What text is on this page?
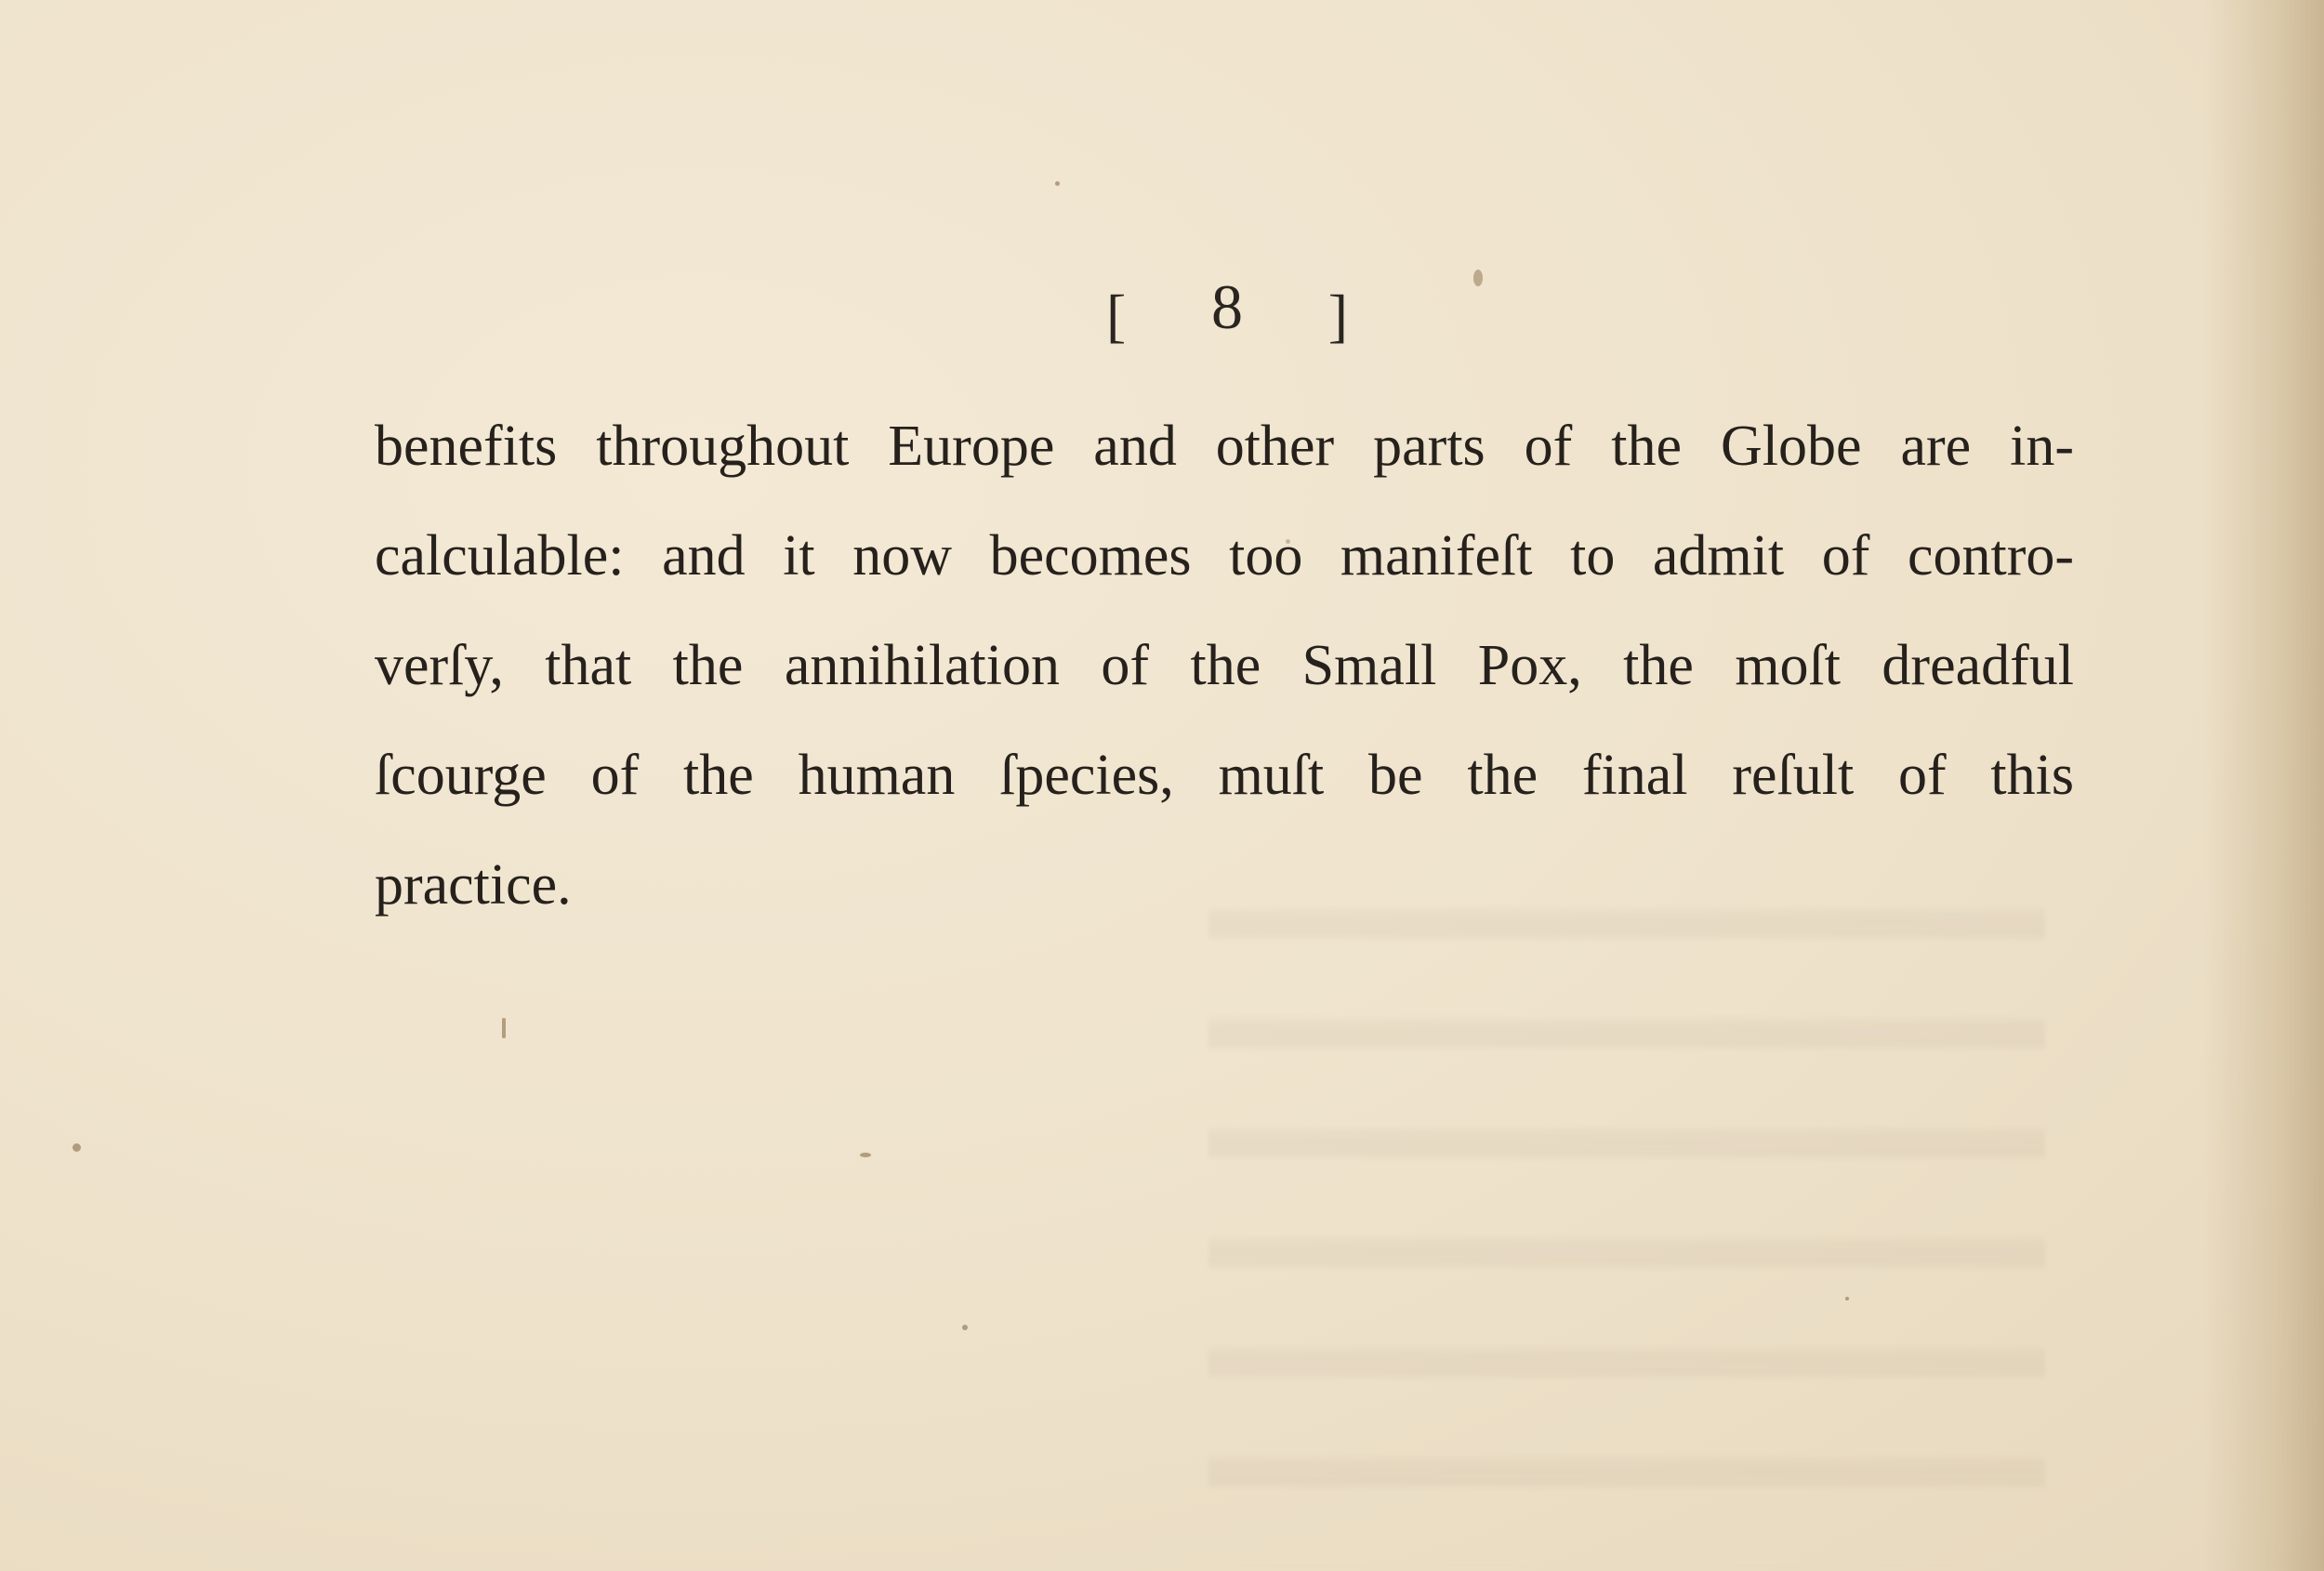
[ 8 ]
benefits throughout Europe and other parts of the Globe are in-
calculable: and it now becomes too manifeſt to admit of contro-
verſy, that the annihilation of the Small Pox, the moſt dreadful
ſcourge of the human ſpecies, muſt be the final reſult of this
practice.
